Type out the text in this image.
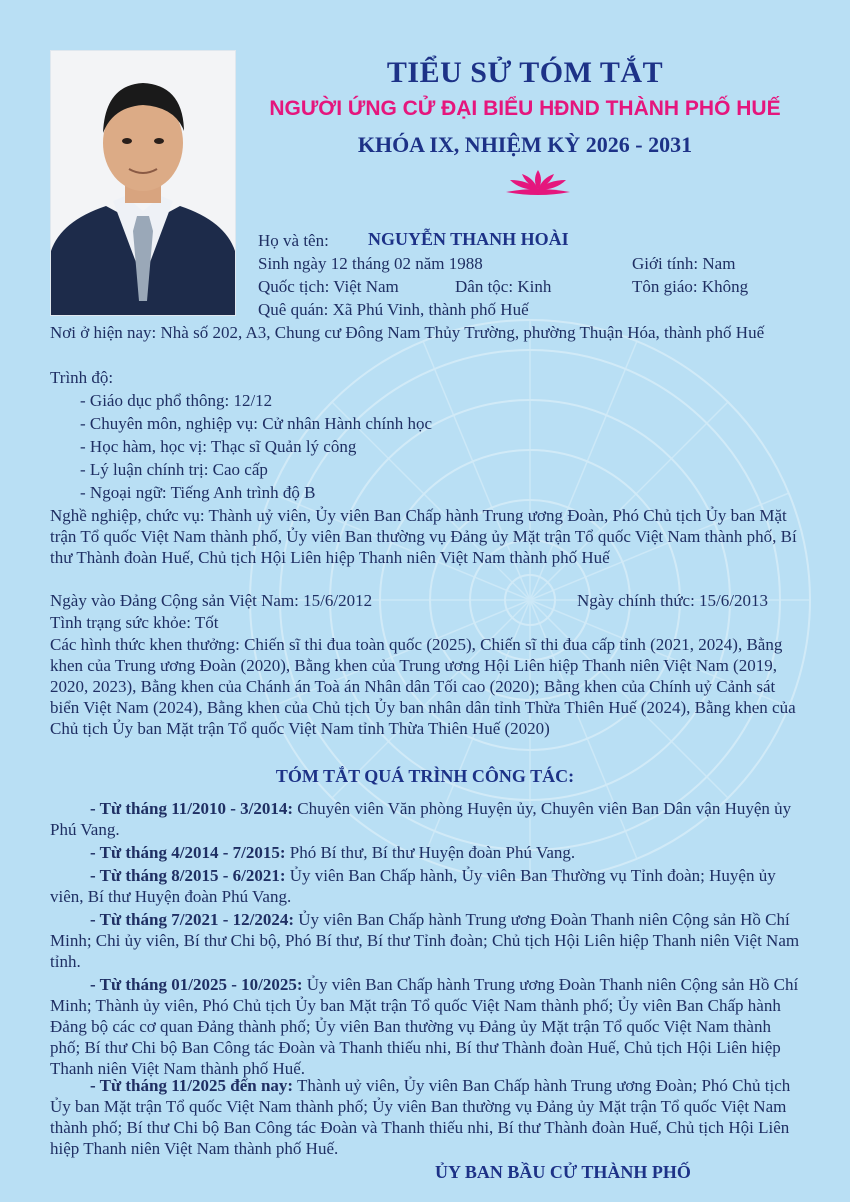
TIỂU SỬ TÓM TẮT
NGƯỜI ỨNG CỬ ĐẠI BIỂU HĐND THÀNH PHỐ HUẾ
KHÓA IX, NHIỆM KỲ 2026 - 2031
Họ và tên: NGUYỄN THANH HOÀI
Sinh ngày 12 tháng 02 năm 1988	Giới tính: Nam
Quốc tịch: Việt Nam	Dân tộc: Kinh	Tôn giáo: Không
Quê quán: Xã Phú Vinh, thành phố Huế
Nơi ở hiện nay: Nhà số 202, A3, Chung cư Đông Nam Thủy Trường, phường Thuận Hóa, thành phố Huế
Trình độ:
- Giáo dục phổ thông: 12/12
- Chuyên môn, nghiệp vụ: Cử nhân Hành chính học
- Học hàm, học vị: Thạc sĩ Quản lý công
- Lý luận chính trị: Cao cấp
- Ngoại ngữ: Tiếng Anh trình độ B
Nghề nghiệp, chức vụ: Thành uỷ viên, Ủy viên Ban Chấp hành Trung ương Đoàn, Phó Chủ tịch Ủy ban Mặt trận Tổ quốc Việt Nam thành phố, Ủy viên Ban thường vụ Đảng ủy Mặt trận Tổ quốc Việt Nam thành phố, Bí thư Thành đoàn Huế, Chủ tịch Hội Liên hiệp Thanh niên Việt Nam thành phố Huế
Ngày vào Đảng Cộng sản Việt Nam: 15/6/2012	Ngày chính thức: 15/6/2013
Tình trạng sức khỏe: Tốt
Các hình thức khen thưởng: Chiến sĩ thi đua toàn quốc (2025), Chiến sĩ thi đua cấp tỉnh (2021, 2024), Bằng khen của Trung ương Đoàn (2020), Bằng khen của Trung ương Hội Liên hiệp Thanh niên Việt Nam (2019, 2020, 2023), Bằng khen của Chánh án Toà án Nhân dân Tối cao (2020); Bằng khen của Chính uỷ Cảnh sát biển Việt Nam (2024), Bằng khen của Chủ tịch Ủy ban nhân dân tỉnh Thừa Thiên Huế (2024), Bằng khen của Chủ tịch Ủy ban Mặt trận Tổ quốc Việt Nam tỉnh Thừa Thiên Huế (2020)
TÓM TẮT QUÁ TRÌNH CÔNG TÁC:
- Từ tháng 11/2010 - 3/2014: Chuyên viên Văn phòng Huyện ủy, Chuyên viên Ban Dân vận Huyện ủy Phú Vang.
- Từ tháng 4/2014 - 7/2015: Phó Bí thư, Bí thư Huyện đoàn Phú Vang.
- Từ tháng 8/2015 - 6/2021: Ủy viên Ban Chấp hành, Ủy viên Ban Thường vụ Tỉnh đoàn; Huyện ủy viên, Bí thư Huyện đoàn Phú Vang.
- Từ tháng 7/2021 - 12/2024: Ủy viên Ban Chấp hành Trung ương Đoàn Thanh niên Cộng sản Hồ Chí Minh; Chi ủy viên, Bí thư Chi bộ, Phó Bí thư, Bí thư Tỉnh đoàn; Chủ tịch Hội Liên hiệp Thanh niên Việt Nam tỉnh.
- Từ tháng 01/2025 - 10/2025: Ủy viên Ban Chấp hành Trung ương Đoàn Thanh niên Cộng sản Hồ Chí Minh; Thành ủy viên, Phó Chủ tịch Ủy ban Mặt trận Tổ quốc Việt Nam thành phố; Ủy viên Ban Chấp hành Đảng bộ các cơ quan Đảng thành phố; Ủy viên Ban thường vụ Đảng ủy Mặt trận Tổ quốc Việt Nam thành phố; Bí thư Chi bộ Ban Công tác Đoàn và Thanh thiếu nhi, Bí thư Thành đoàn Huế, Chủ tịch Hội Liên hiệp Thanh niên Việt Nam thành phố Huế.
- Từ tháng 11/2025 đến nay: Thành uỷ viên, Ủy viên Ban Chấp hành Trung ương Đoàn; Phó Chủ tịch Ủy ban Mặt trận Tổ quốc Việt Nam thành phố; Ủy viên Ban thường vụ Đảng ủy Mặt trận Tổ quốc Việt Nam thành phố; Bí thư Chi bộ Ban Công tác Đoàn và Thanh thiếu nhi, Bí thư Thành đoàn Huế, Chủ tịch Hội Liên hiệp Thanh niên Việt Nam thành phố Huế.
ỦY BAN BẦU CỬ THÀNH PHỐ
